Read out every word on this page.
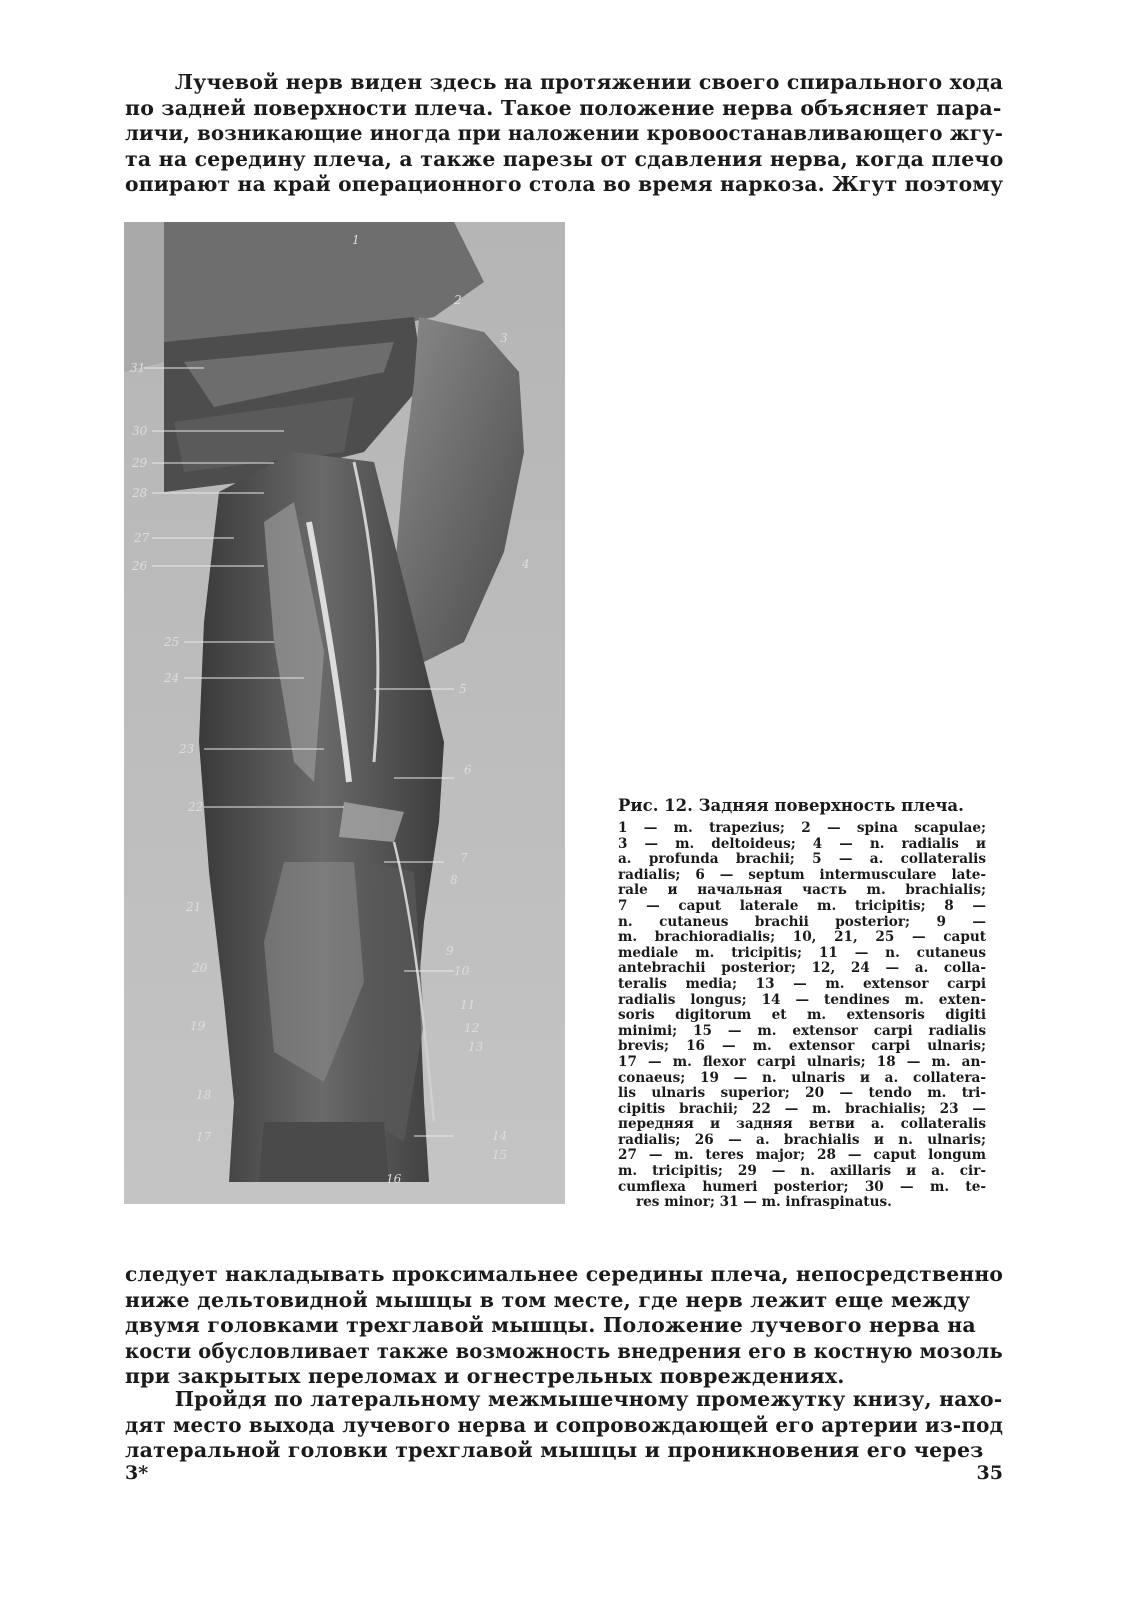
Лучевой нерв виден здесь на протяжении своего спирального хода
по задней поверхности плеча. Такое положение нерва объясняет пара-
личи, возникающие иногда при наложении кровоостанавливающего жгу-
та на середину плеча, а также парезы от сдавления нерва, когда плечо
опирают на край операционного стола во время наркоза. Жгут поэтому
31
30
29
28
27
26
25
24
23
22
21
20
19
18
17
1
2
3
4
5
6
7
8
9
10
11
12
13
14
15
16
Рис. 12. Задняя поверхность плеча.
1 — m. trapezius; 2 — spina scapulae;
3 — m. deltoideus; 4 — n. radialis и
a. profunda brachii; 5 — a. collateralis
radialis; 6 — septum intermusculare late-
rale и начальная часть m. brachialis;
7 — caput laterale m. tricipitis; 8 —
n. cutaneus brachii posterior; 9 —
m. brachioradialis; 10, 21, 25 — caput
mediale m. tricipitis; 11 — n. cutaneus
antebrachii posterior; 12, 24 — a. colla-
teralis media; 13 — m. extensor carpi
radialis longus; 14 — tendines m. exten-
soris digitorum et m. extensoris digiti
minimi; 15 — m. extensor carpi radialis
brevis; 16 — m. extensor carpi ulnaris;
17 — m. flexor carpi ulnaris; 18 — m. an-
conaeus; 19 — n. ulnaris и a. collatera-
lis ulnaris superior; 20 — tendo m. tri-
cipitis brachii; 22 — m. brachialis; 23 —
передняя и задняя ветви a. collateralis
radialis; 26 — a. brachialis и n. ulnaris;
27 — m. teres major; 28 — caput longum
m. tricipitis; 29 — n. axillaris и a. cir-
cumflexa humeri posterior; 30 — m. te-
res minor; 31 — m. infraspinatus.
следует накладывать проксимальнее середины плеча, непосредственно
ниже дельтовидной мышцы в том месте, где нерв лежит еще между
двумя головками трехглавой мышцы. Положение лучевого нерва на
кости обусловливает также возможность внедрения его в костную мозоль
при закрытых переломах и огнестрельных повреждениях.
Пройдя по латеральному межмышечному промежутку книзу, нахо-
дят место выхода лучевого нерва и сопровождающей его артерии из-под
латеральной головки трехглавой мышцы и проникновения его через
3*	35
